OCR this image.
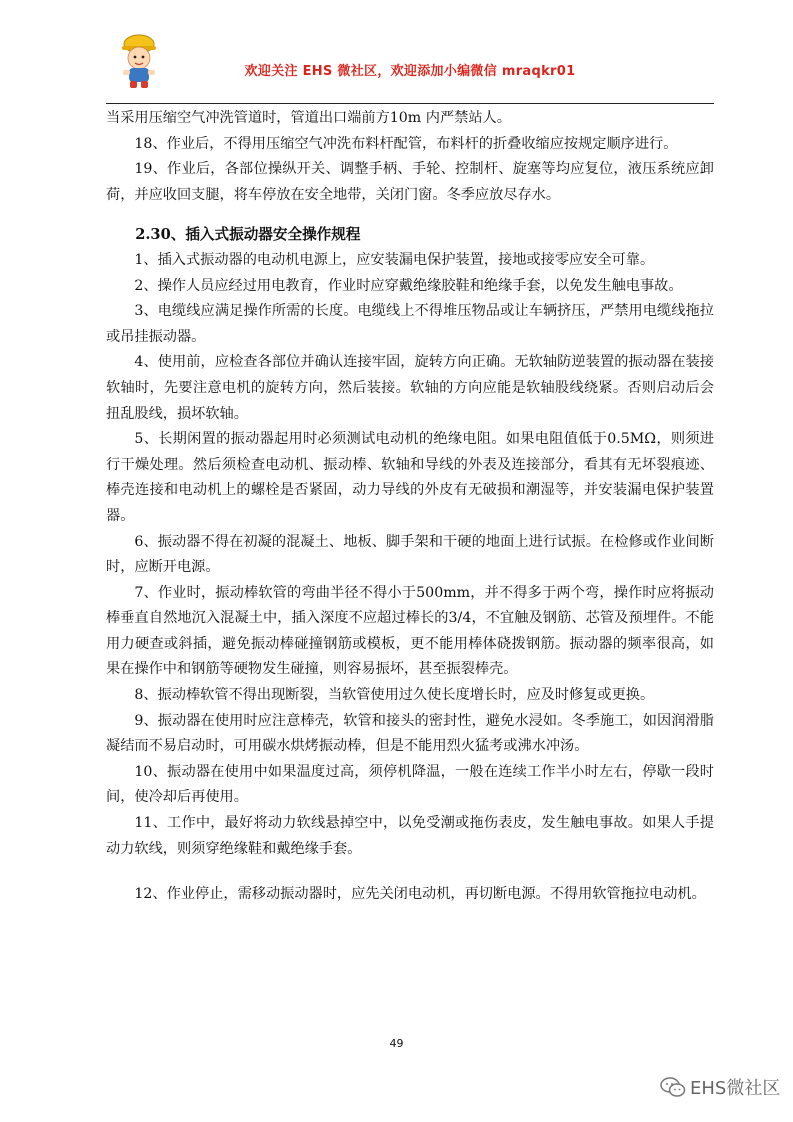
欢迎关注 EHS 微社区，欢迎添加小编微信 mraqkr01

当采用压缩空气冲洗管道时，管道出口端前方10m 内严禁站人。

18、作业后，不得用压缩空气冲洗布料杆配管，布料杆的折叠收缩应按规定顺序进行。

19、作业后，各部位操纵开关、调整手柄、手轮、控制杆、旋塞等均应复位，液压系统应卸荷，并应收回支腿，将车停放在安全地带，关闭门窗。冬季应放尽存水。

2.30、插入式振动器安全操作规程

1、插入式振动器的电动机电源上，应安装漏电保护装置，接地或接零应安全可靠。

2、操作人员应经过用电教育，作业时应穿戴绝缘胶鞋和绝缘手套，以免发生触电事故。

3、电缆线应满足操作所需的长度。电缆线上不得堆压物品或让车辆挤压，严禁用电缆线拖拉或吊挂振动器。

4、使用前，应检查各部位并确认连接牢固，旋转方向正确。无软轴防逆装置的振动器在装接软轴时，先要注意电机的旋转方向，然后装接。软轴的方向应能是软轴股线绕紧。否则启动后会扭乱股线，损坏软轴。

5、长期闲置的振动器起用时必须测试电动机的绝缘电阻。如果电阻值低于0.5MΩ，则须进行干燥处理。然后须检查电动机、振动棒、软轴和导线的外表及连接部分，看其有无坏裂痕迹、棒壳连接和电动机上的螺栓是否紧固，动力导线的外皮有无破损和潮湿等，并安装漏电保护装置器。

6、振动器不得在初凝的混凝土、地板、脚手架和干硬的地面上进行试振。在检修或作业间断时，应断开电源。

7、作业时，振动棒软管的弯曲半径不得小于500mm，并不得多于两个弯，操作时应将振动棒垂直自然地沉入混凝土中，插入深度不应超过棒长的3/4，不宜触及钢筋、芯管及预埋件。不能用力硬查或斜插，避免振动棒碰撞钢筋或模板，更不能用棒体硗拨钢筋。振动器的频率很高，如果在操作中和钢筋等硬物发生碰撞，则容易振坏，甚至振裂棒壳。

8、振动棒软管不得出现断裂，当软管使用过久使长度增长时，应及时修复或更换。

9、振动器在使用时应注意棒壳，软管和接头的密封性，避免水浸如。冬季施工，如因润滑脂凝结而不易启动时，可用碳水烘烤振动棒，但是不能用烈火猛考或沸水冲汤。

10、振动器在使用中如果温度过高，须停机降温，一般在连续工作半小时左右，停歇一段时间，使冷却后再使用。

11、工作中，最好将动力软线悬掉空中，以免受潮或拖伤表皮，发生触电事故。如果人手提动力软线，则须穿绝缘鞋和戴绝缘手套。

12、作业停止，需移动振动器时，应先关闭电动机，再切断电源。不得用软管拖拉电动机。

49
EHS微社区
